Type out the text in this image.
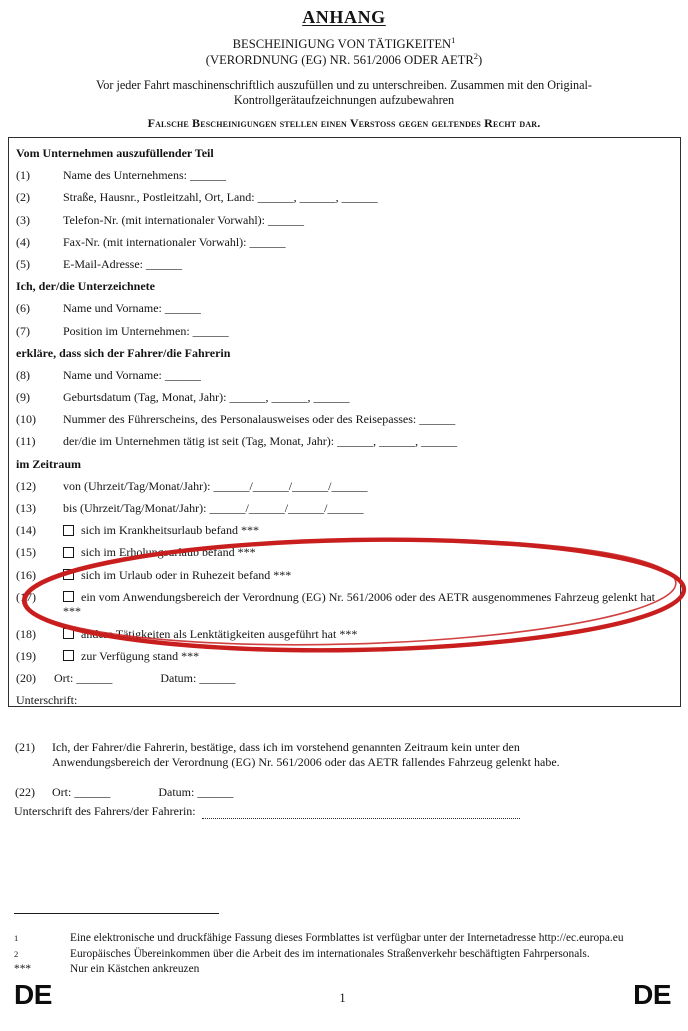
ANHANG
BESCHEINIGUNG VON TÄTIGKEITEN$^1$
(VERORDNUNG (EG) NR. 561/2006 ODER AETR$^2$)
Vor jeder Fahrt maschinenschriftlich auszufüllen und zu unterschreiben. Zusammen mit den Original-Kontrollgerätaufzeichnungen aufzubewahren
Falsche Bescheinigungen stellen einen Verstoss gegen geltendes Recht dar.
Vom Unternehmen auszufüllender Teil
(1)	Name des Unternehmens: ______
(2)	Straße, Hausnr., Postleitzahl, Ort, Land: ______, ______, ______
(3)	Telefon-Nr. (mit internationaler Vorwahl): ______
(4)	Fax-Nr. (mit internationaler Vorwahl): ______
(5)	E-Mail-Adresse: ______
Ich, der/die Unterzeichnete
(6)	Name und Vorname: ______
(7)	Position im Unternehmen: ______
erkläre, dass sich der Fahrer/die Fahrerin
(8)	Name und Vorname: ______
(9)	Geburtsdatum (Tag, Monat, Jahr): ______, ______, ______
(10)	Nummer des Führerscheins, des Personalausweises oder des Reisepasses: ______
(11)	der/die im Unternehmen tätig ist seit (Tag, Monat, Jahr): ______, ______, ______
im Zeitraum
(12)	von (Uhrzeit/Tag/Monat/Jahr): ______/______/______/______
(13)	bis (Uhrzeit/Tag/Monat/Jahr): ______/______/______/______
(14)	sich im Krankheitsurlaub befand ***
(15)	sich im Erholungsurlaub befand ***
(16)	sich im Urlaub oder in Ruhezeit befand ***
(17)	ein vom Anwendungsbereich der Verordnung (EG) Nr. 561/2006 oder des AETR ausgenommenes Fahrzeug gelenkt hat ***
(18)	andere Tätigkeiten als Lenktätigkeiten ausgeführt hat ***
(19)	zur Verfügung stand ***
(20)	Ort: ______	Datum: ______
Unterschrift:
(21)	Ich, der Fahrer/die Fahrerin, bestätige, dass ich im vorstehend genannten Zeitraum kein unter den Anwendungsbereich der Verordnung (EG) Nr. 561/2006 oder das AETR fallendes Fahrzeug gelenkt habe.
(22)	Ort: ______	Datum: ______
Unterschrift des Fahrers/der Fahrerin:
1	Eine elektronische und druckfähige Fassung dieses Formblattes ist verfügbar unter der Internetadresse http://ec.europa.eu
2	Europäisches Übereinkommen über die Arbeit des im internationales Straßenverkehr beschäftigten Fahrpersonals.
***	Nur ein Kästchen ankreuzen
DE	DE
1
